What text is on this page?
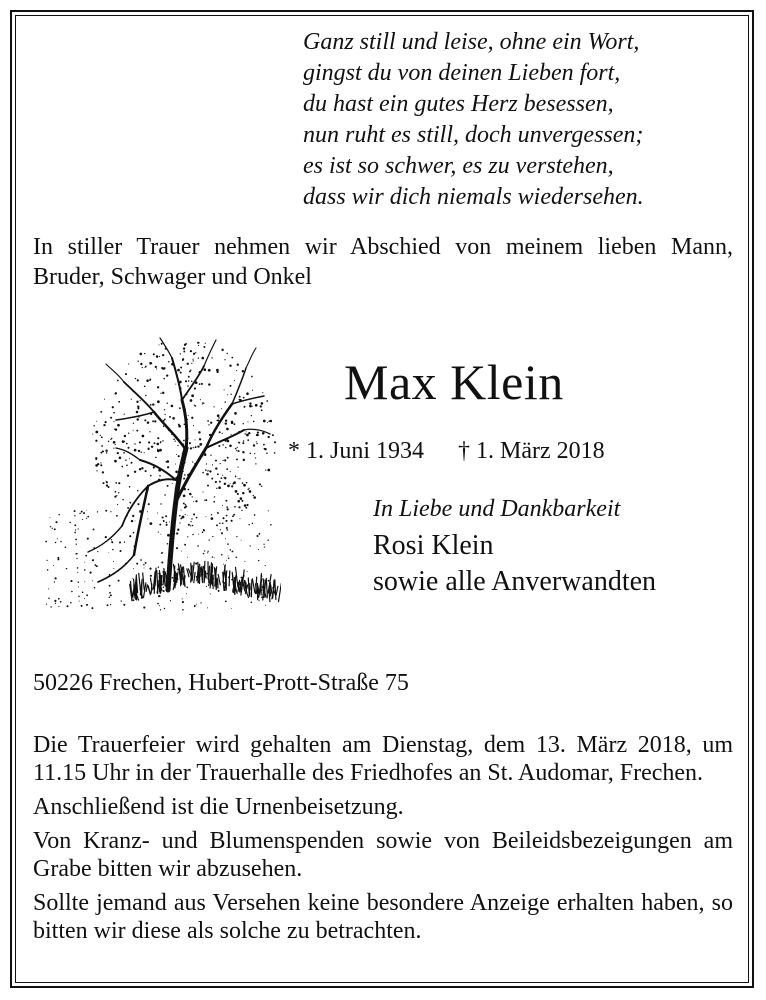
Ganz still und leise, ohne ein Wort,
gingst du von deinen Lieben fort,
du hast ein gutes Herz besessen,
nun ruht es still, doch unvergessen;
es ist so schwer, es zu verstehen,
dass wir dich niemals wiedersehen.
In stiller Trauer nehmen wir Abschied von meinem lieben Mann, Bruder, Schwager und Onkel
Max Klein
* 1. Juni 1934 † 1. März 2018
In Liebe und Dankbarkeit
Rosi Klein
sowie alle Anverwandten
50226 Frechen, Hubert-Prott-Straße 75

Die Trauerfeier wird gehalten am Dienstag, dem 13. März 2018, um 11.15 Uhr in der Trauerhalle des Friedhofes an St. Audomar, Frechen.

Anschließend ist die Urnenbeisetzung.

Von Kranz- und Blumenspenden sowie von Beileidsbezeigungen am Grabe bitten wir abzusehen.

Sollte jemand aus Versehen keine besondere Anzeige erhalten haben, so bitten wir diese als solche zu betrachten.
